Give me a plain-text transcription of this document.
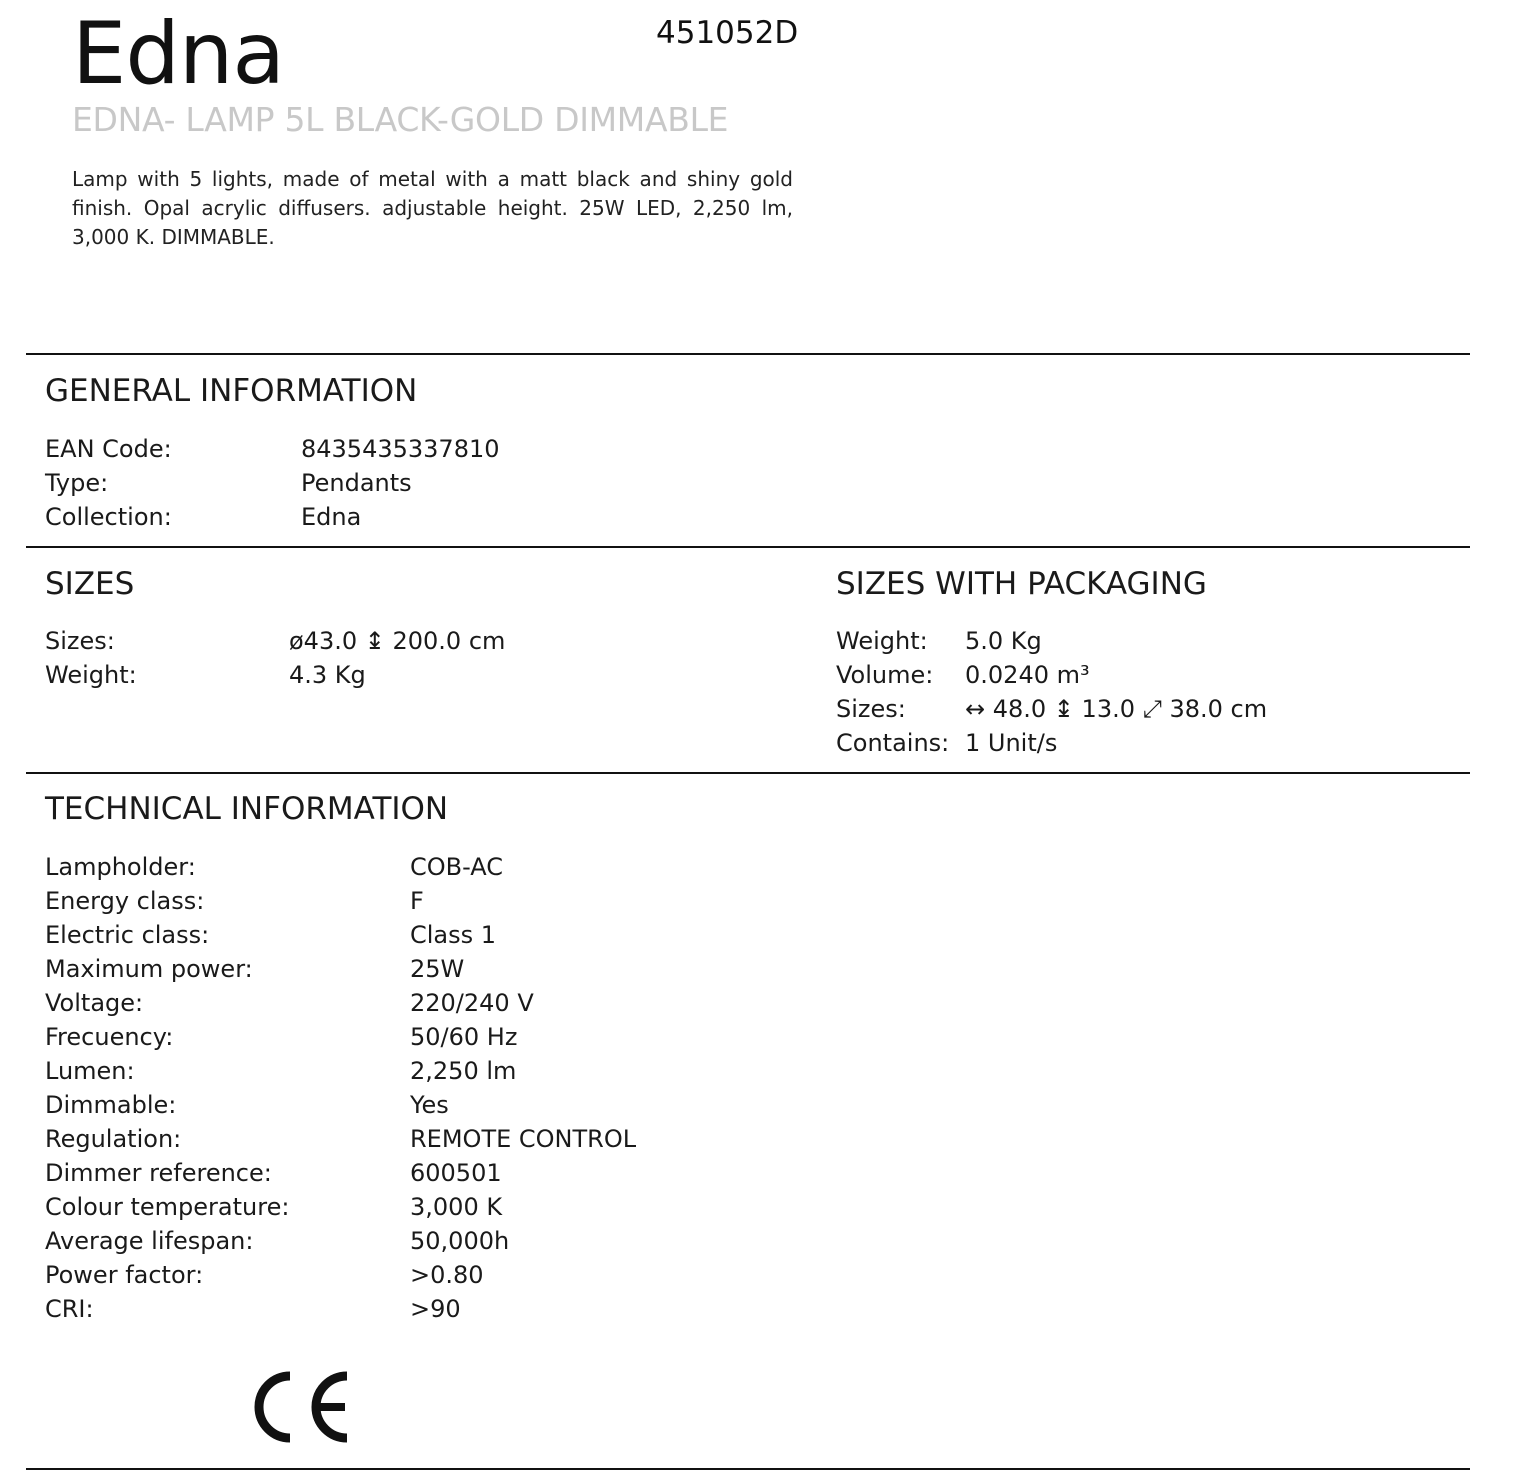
Edna	451052D
EDNA- LAMP 5L BLACK-GOLD DIMMABLE
Lamp with 5 lights, made of metal with a matt black and shiny gold finish. Opal acrylic diffusers. adjustable height. 25W LED, 2,250 lm, 3,000 K. DIMMABLE.
GENERAL INFORMATION
EAN Code:	8435435337810
Type:	Pendants
Collection:	Edna
SIZES
Sizes:	ø43.0 ↨ 200.0 cm
Weight:	4.3 Kg
SIZES WITH PACKAGING
Weight: 5.0 Kg
Volume: 0.0240 m³
Sizes: ↔ 48.0 ↨ 13.0 ⤢ 38.0 cm
Contains: 1 Unit/s
TECHNICAL INFORMATION
Lampholder:	COB-AC
Energy class:	F
Electric class:	Class 1
Maximum power:	25W
Voltage:	220/240 V
Frecuency:	50/60 Hz
Lumen:	2,250 lm
Dimmable:	Yes
Regulation:	REMOTE CONTROL
Dimmer reference:	600501
Colour temperature:	3,000 K
Average lifespan:	50,000h
Power factor:	>0.80
CRI:	>90
